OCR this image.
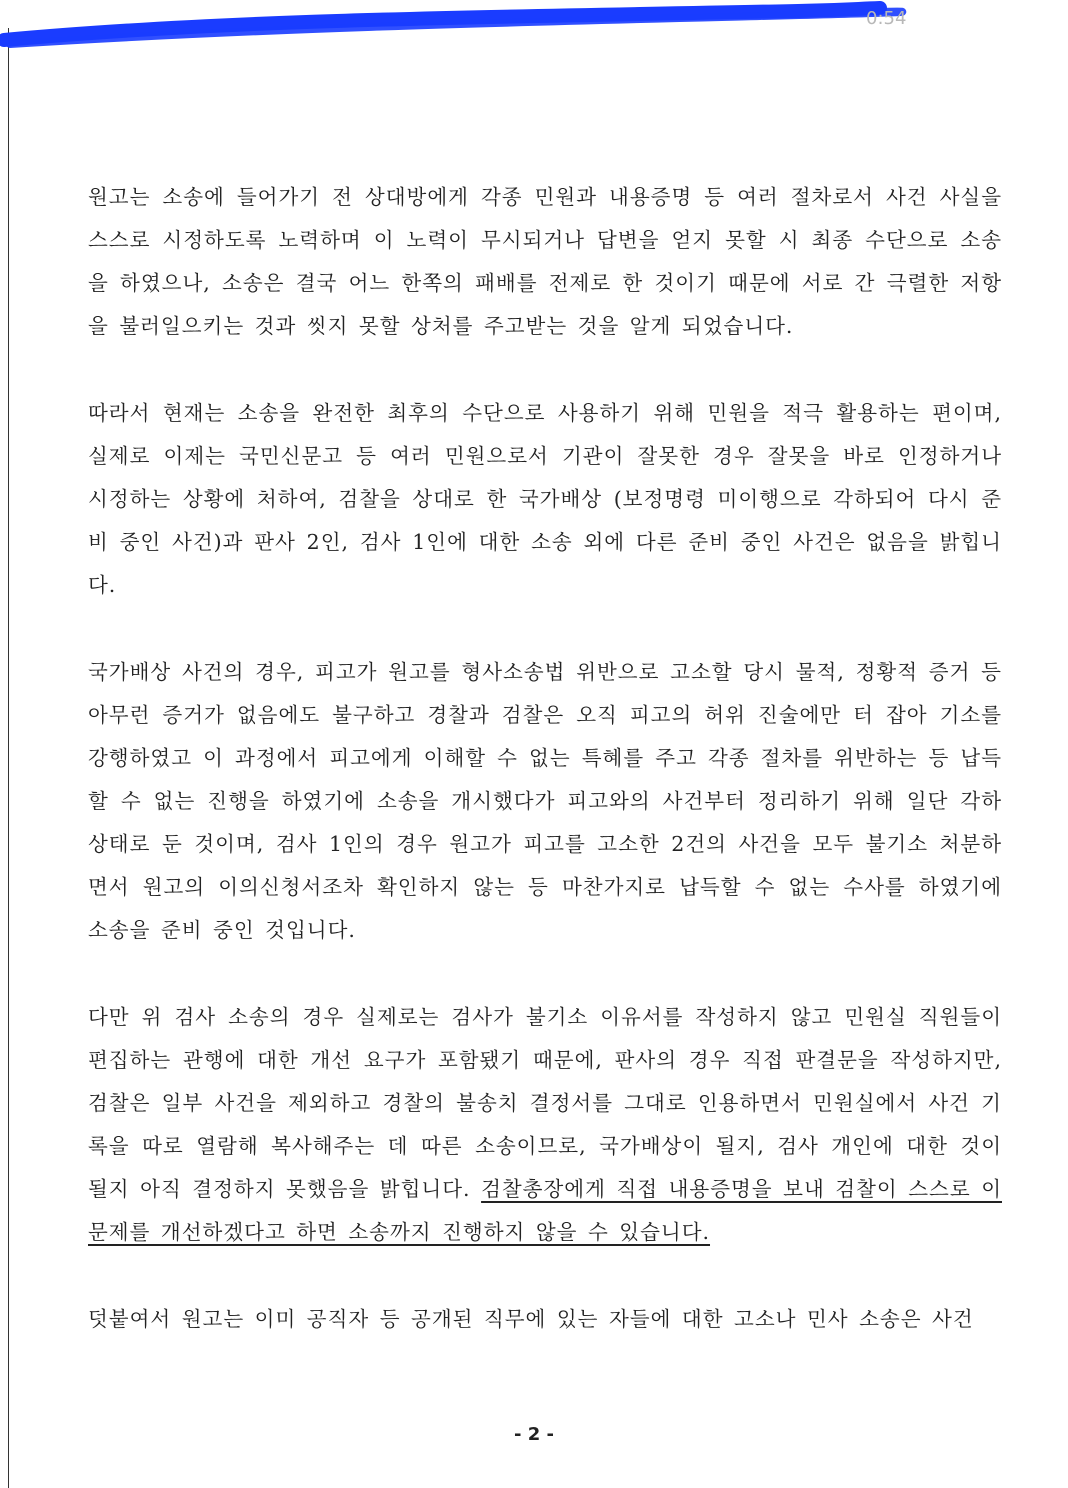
0:54

원고는 소송에 들어가기 전 상대방에게 각종 민원과 내용증명 등 여러 절차로서 사건 사실을 스스로 시정하도록 노력하며 이 노력이 무시되거나 답변을 얻지 못할 시 최종 수단으로 소송을 하였으나, 소송은 결국 어느 한쪽의 패배를 전제로 한 것이기 때문에 서로 간 극렬한 저항을 불러일으키는 것과 씻지 못할 상처를 주고받는 것을 알게 되었습니다.

따라서 현재는 소송을 완전한 최후의 수단으로 사용하기 위해 민원을 적극 활용하는 편이며, 실제로 이제는 국민신문고 등 여러 민원으로서 기관이 잘못한 경우 잘못을 바로 인정하거나 시정하는 상황에 처하여, 검찰을 상대로 한 국가배상 (보정명령 미이행으로 각하되어 다시 준비 중인 사건)과 판사 2인, 검사 1인에 대한 소송 외에 다른 준비 중인 사건은 없음을 밝힙니다.

국가배상 사건의 경우, 피고가 원고를 형사소송법 위반으로 고소할 당시 물적, 정황적 증거 등 아무런 증거가 없음에도 불구하고 경찰과 검찰은 오직 피고의 허위 진술에만 터 잡아 기소를 강행하였고 이 과정에서 피고에게 이해할 수 없는 특혜를 주고 각종 절차를 위반하는 등 납득할 수 없는 진행을 하였기에 소송을 개시했다가 피고와의 사건부터 정리하기 위해 일단 각하 상태로 둔 것이며, 검사 1인의 경우 원고가 피고를 고소한 2건의 사건을 모두 불기소 처분하면서 원고의 이의신청서조차 확인하지 않는 등 마찬가지로 납득할 수 없는 수사를 하였기에 소송을 준비 중인 것입니다.

다만 위 검사 소송의 경우 실제로는 검사가 불기소 이유서를 작성하지 않고 민원실 직원들이 편집하는 관행에 대한 개선 요구가 포함됐기 때문에, 판사의 경우 직접 판결문을 작성하지만, 검찰은 일부 사건을 제외하고 경찰의 불송치 결정서를 그대로 인용하면서 민원실에서 사건 기록을 따로 열람해 복사해주는 데 따른 소송이므로, 국가배상이 될지, 검사 개인에 대한 것이 될지 아직 결정하지 못했음을 밝힙니다. 검찰총장에게 직접 내용증명을 보내 검찰이 스스로 이 문제를 개선하겠다고 하면 소송까지 진행하지 않을 수 있습니다.

덧붙여서 원고는 이미 공직자 등 공개된 직무에 있는 자들에 대한 고소나 민사 소송은 사건

- 2 -
